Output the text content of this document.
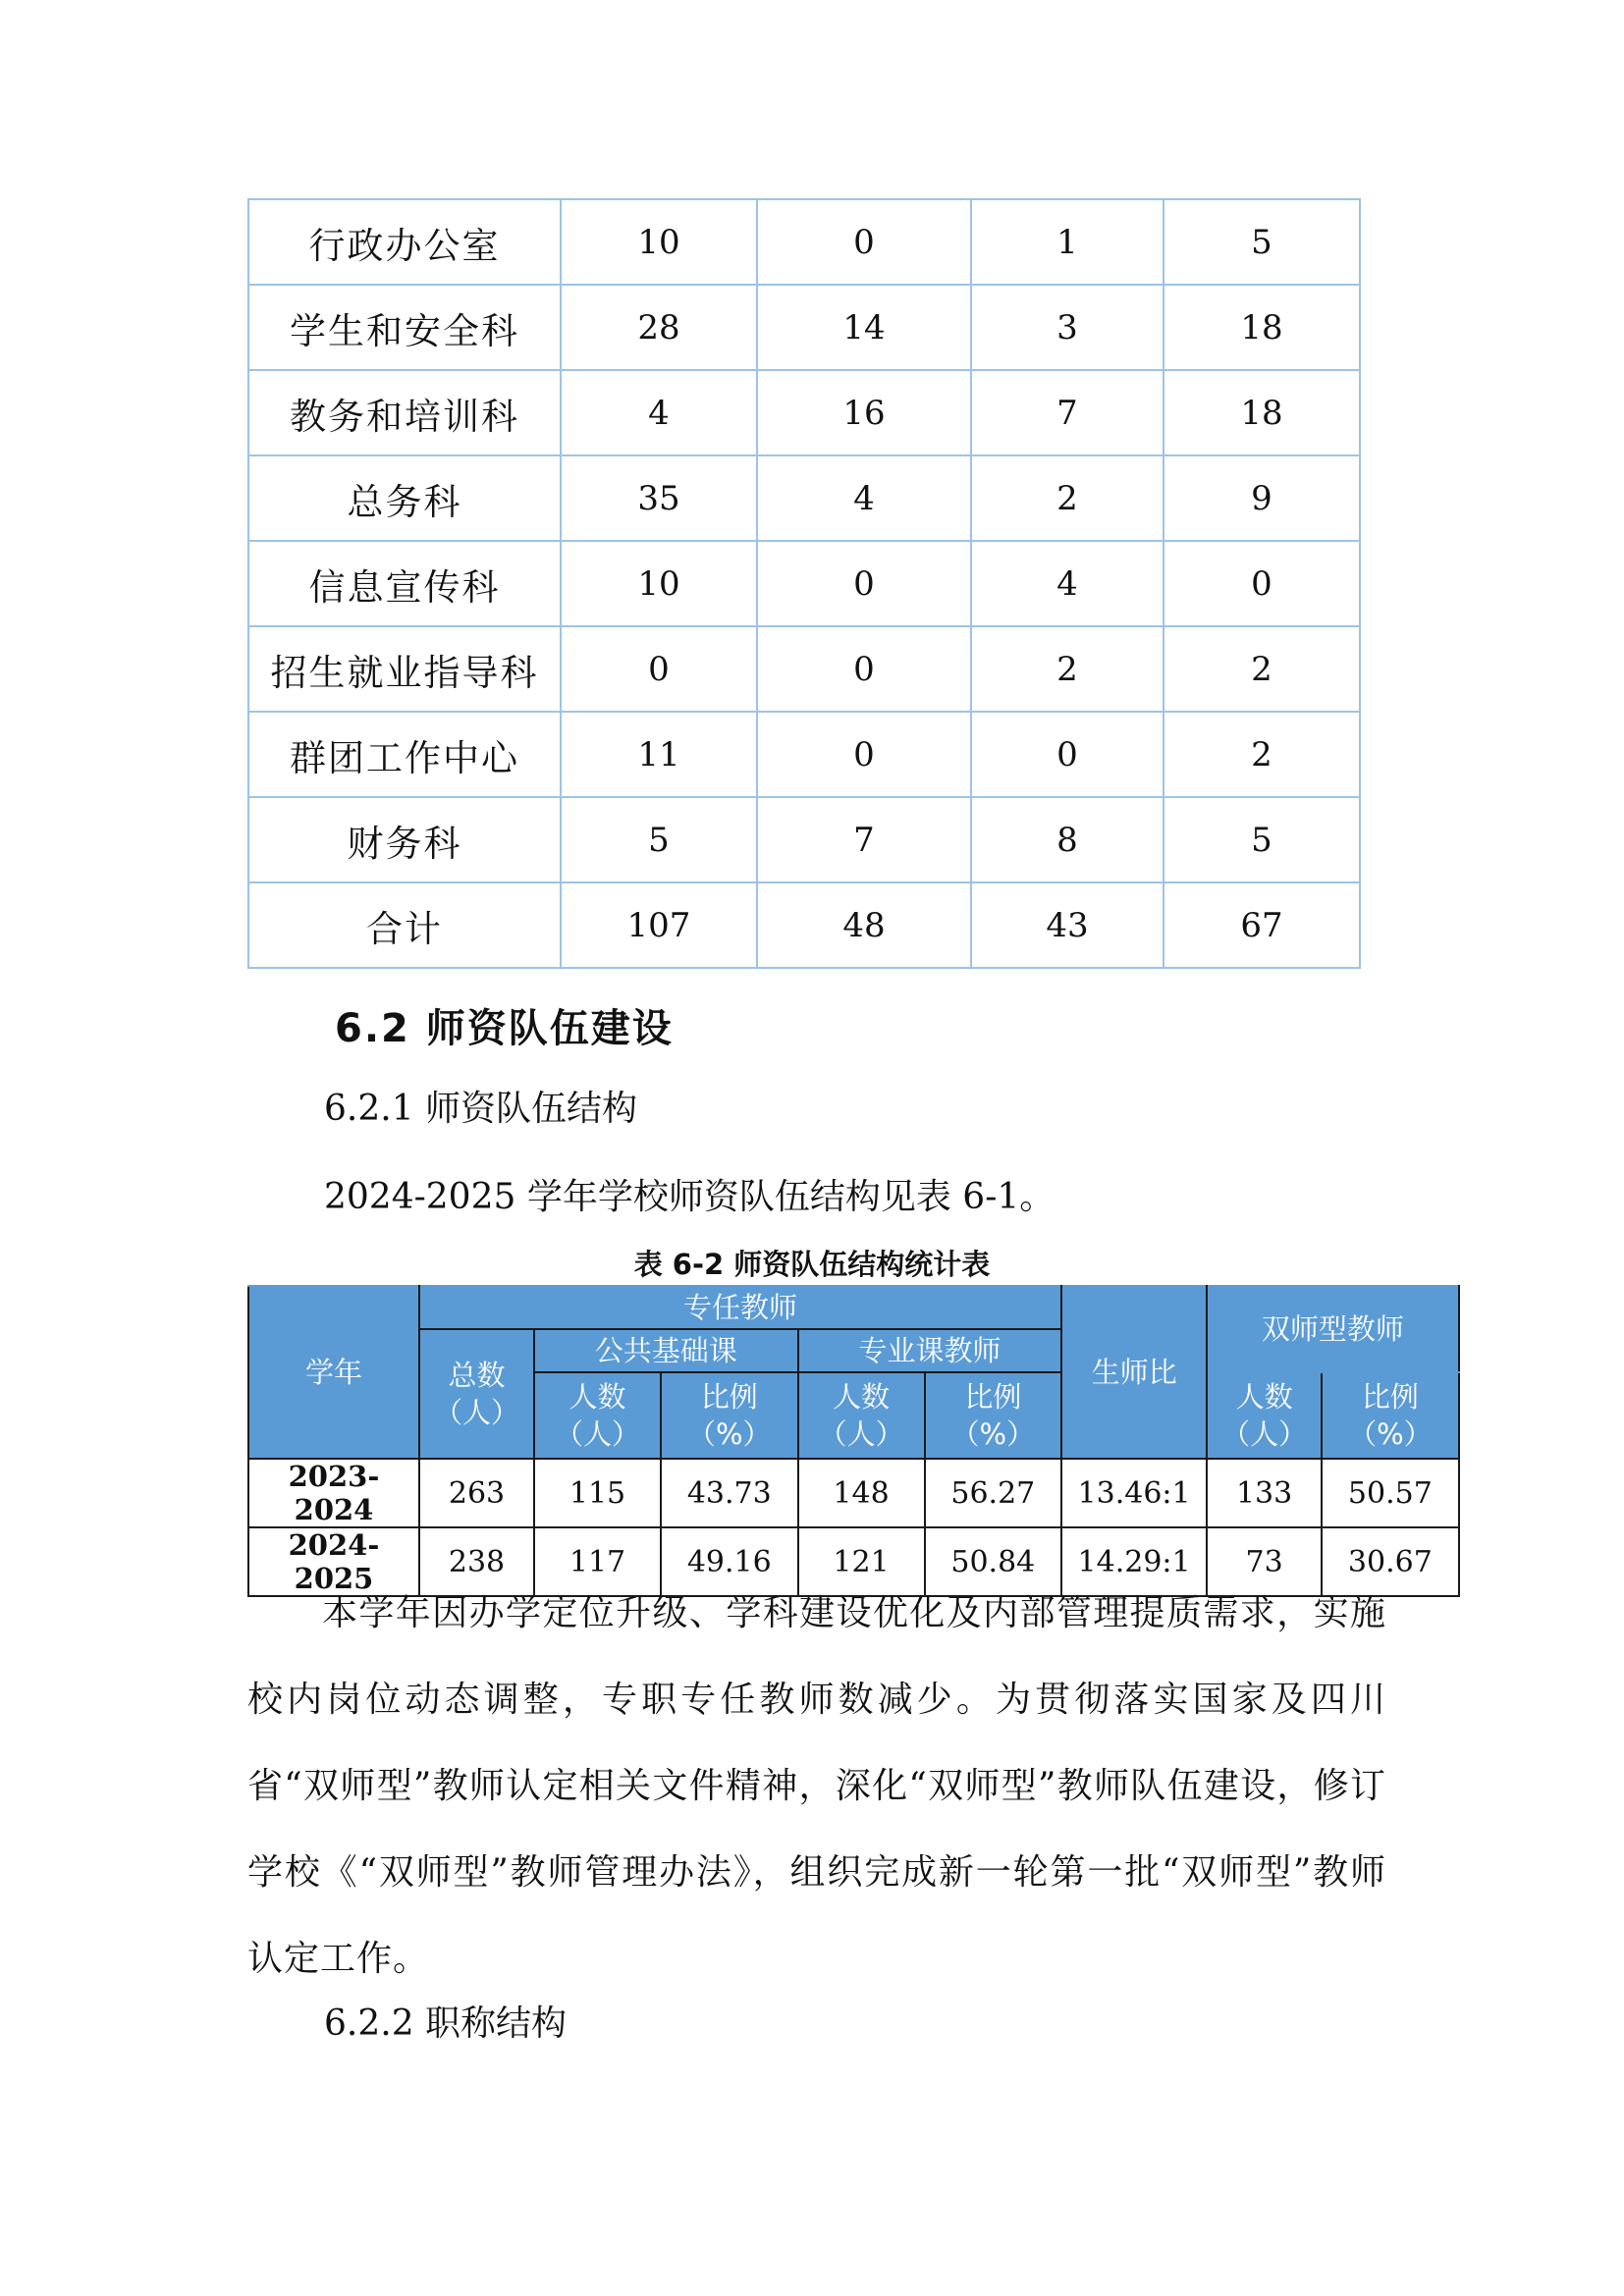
行政办公室	10	0	1	5
学生和安全科	28	14	3	18
教务和培训科	4	16	7	18
总务科	35	4	2	9
信息宣传科	10	0	4	0
招生就业指导科	0	0	2	2
群团工作中心	11	0	0	2
财务科	5	7	8	5
合计	107	48	43	67
6.2 师资队伍建设

6.2.1 师资队伍结构

2024-2025 学年学校师资队伍结构见表 6-1。

表 6-2 师资队伍结构统计表

学年	专任教师					生师比	双师型教师	
	总数（人）	公共基础课		专业课教师				
		人数（人）	比例（%）	人数（人）	比例（%）		人数（人）	比例（%）
2023-2024	263	115	43.73	148	56.27	13.46:1	133	50.57
2024-2025	238	117	49.16	121	50.84	14.29:1	73	30.67

本学年因办学定位升级、学科建设优化及内部管理提质需求，实施校内岗位动态调整，专职专任教师数减少。为贯彻落实国家及四川省“双师型”教师认定相关文件精神，深化“双师型”教师队伍建设，修订学校《“双师型”教师管理办法》，组织完成新一轮第一批“双师型”教师认定工作。

6.2.2 职称结构
